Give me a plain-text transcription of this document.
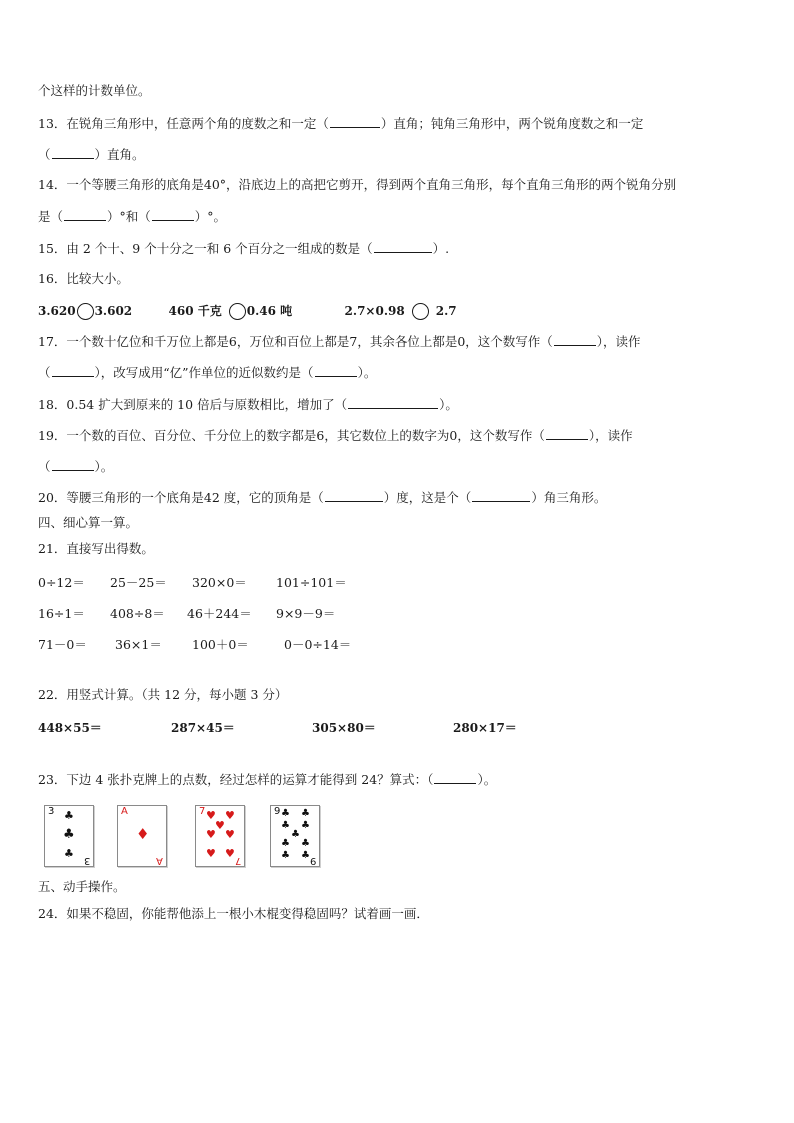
个这样的计数单位。
13．在锐角三角形中，任意两个角的度数之和一定（	）直角；钝角三角形中，两个锐角度数之和一定
（	）直角。
14．一个等腰三角形的底角是40°，沿底边上的高把它剪开，得到两个直角三角形，每个直角三角形的两个锐角分别
是（	）°和（	）°。
15．由 2 个十、9 个十分之一和 6 个百分之一组成的数是（	）.
16．比较大小。
3.620 3.602	460 千克 0.46 吨	2.7×0.98	2.7
17．一个数十亿位和千万位上都是6，万位和百位上都是7，其余各位上都是0，这个数写作（	），读作
（	），改写成用“亿”作单位的近似数约是（	）。
18．0.54 扩大到原来的 10 倍后与原数相比，增加了（	）。
19．一个数的百位、百分位、千分位上的数字都是6，其它数位上的数字为0，这个数写作（	），读作
（	）。
20．等腰三角形的一个底角是42 度，它的顶角是（	）度，这是个（	）角三角形。
四、细心算一算。
21．直接写出得数。
0÷12＝ 25－25＝ 320×0＝ 101÷101＝
16÷1＝ 408÷8＝ 46＋244＝ 9×9－9＝
71－0＝ 36×1＝ 100＋0＝	0－0÷14＝
22．用竖式计算。（共 12 分，每小题 3 分）
448×55＝	287×45＝	305×80＝	280×17＝
23．下边 4 张扑克牌上的点数，经过怎样的运算才能得到 24？算式：（	）。
3 ♣
♣
♣
3
A
♦
A
7 ♥ ♥
♥
♥ ♥
♥ ♥
7
9 ♣ ♣
♣ ♣
♣
♣ ♣
♣ ♣ 9
五、动手操作。
24．如果不稳固，你能帮他添上一根小木棍变得稳固吗？试着画一画．
